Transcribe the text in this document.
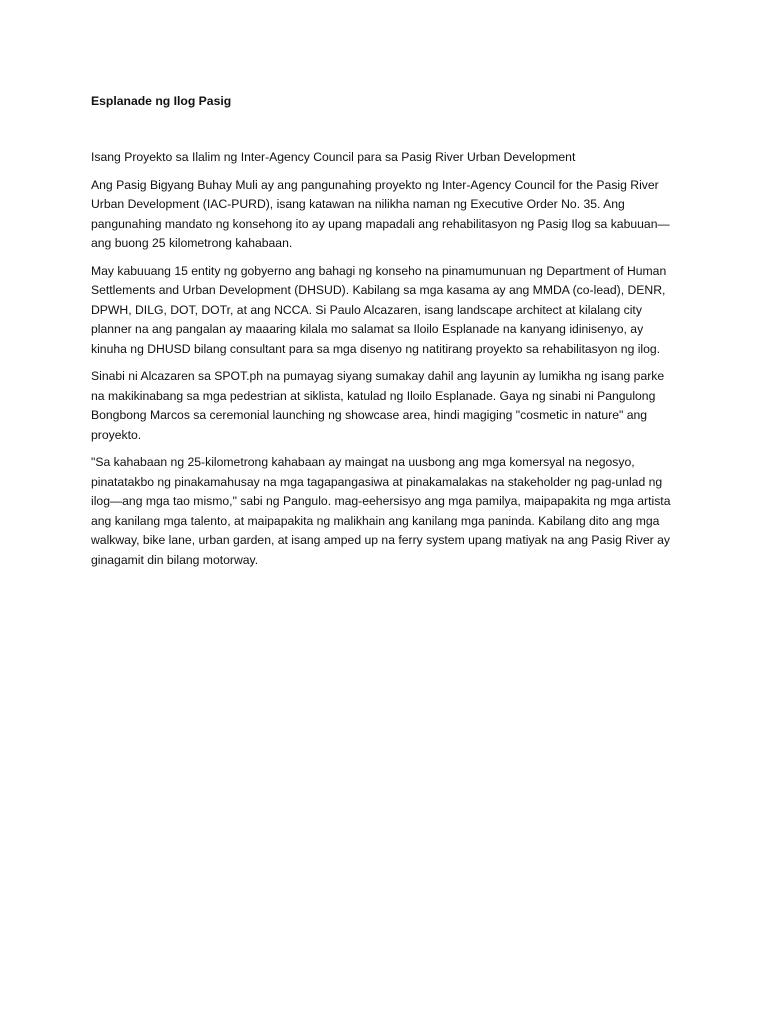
Esplanade ng Ilog Pasig

Isang Proyekto sa Ilalim ng Inter-Agency Council para sa Pasig River Urban Development

Ang Pasig Bigyang Buhay Muli ay ang pangunahing proyekto ng Inter-Agency Council for the Pasig River Urban Development (IAC-PURD), isang katawan na nilikha naman ng Executive Order No. 35. Ang pangunahing mandato ng konsehong ito ay upang mapadali ang rehabilitasyon ng Pasig Ilog sa kabuuan—ang buong 25 kilometrong kahabaan.

May kabuuang 15 entity ng gobyerno ang bahagi ng konseho na pinamumunuan ng Department of Human Settlements and Urban Development (DHSUD). Kabilang sa mga kasama ay ang MMDA (co-lead), DENR, DPWH, DILG, DOT, DOTr, at ang NCCA. Si Paulo Alcazaren, isang landscape architect at kilalang city planner na ang pangalan ay maaaring kilala mo salamat sa Iloilo Esplanade na kanyang idinisenyo, ay kinuha ng DHUSD bilang consultant para sa mga disenyo ng natitirang proyekto sa rehabilitasyon ng ilog.

Sinabi ni Alcazaren sa SPOT.ph na pumayag siyang sumakay dahil ang layunin ay lumikha ng isang parke na makikinabang sa mga pedestrian at siklista, katulad ng Iloilo Esplanade. Gaya ng sinabi ni Pangulong Bongbong Marcos sa ceremonial launching ng showcase area, hindi magiging "cosmetic in nature" ang proyekto.

"Sa kahabaan ng 25-kilometrong kahabaan ay maingat na uusbong ang mga komersyal na negosyo, pinatatakbo ng pinakamahusay na mga tagapangasiwa at pinakamalakas na stakeholder ng pag-unlad ng ilog—ang mga tao mismo," sabi ng Pangulo. mag-eehersisyo ang mga pamilya, maipapakita ng mga artista ang kanilang mga talento, at maipapakita ng malikhain ang kanilang mga paninda. Kabilang dito ang mga walkway, bike lane, urban garden, at isang amped up na ferry system upang matiyak na ang Pasig River ay ginagamit din bilang motorway.
